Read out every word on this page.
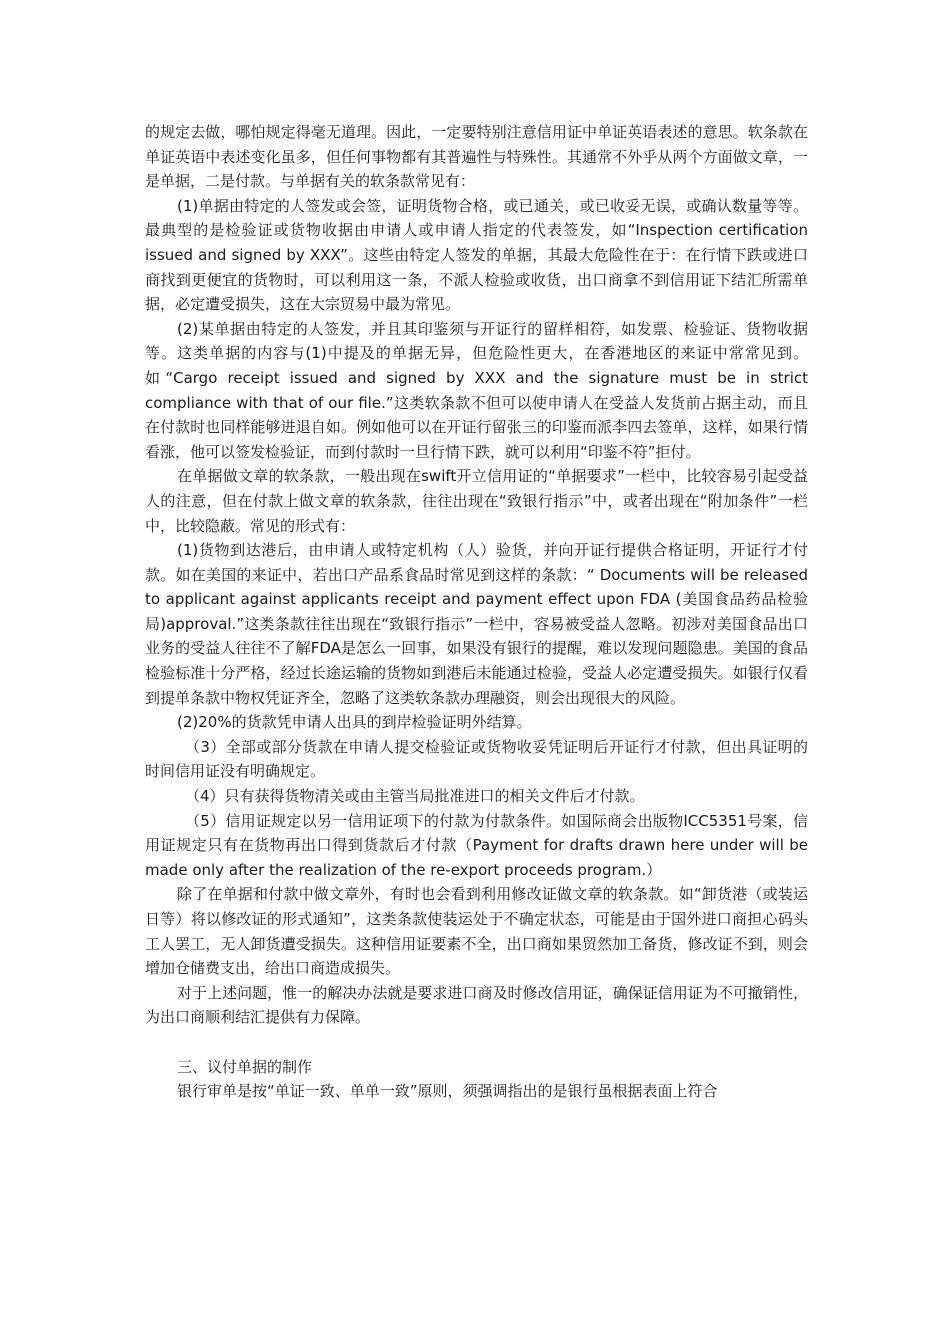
的规定去做，哪怕规定得毫无道理。因此，一定要特别注意信用证中单证英语表述的意思。软条款在单证英语中表述变化虽多，但任何事物都有其普遍性与特殊性。其通常不外乎从两个方面做文章，一是单据，二是付款。与单据有关的软条款常见有：

(1)单据由特定的人签发或会签，证明货物合格，或已通关，或已收妥无误，或确认数量等等。最典型的是检验证或货物收据由申请人或申请人指定的代表签发，如“Inspection certification issued and signed by XXX”。这些由特定人签发的单据，其最大危险性在于：在行情下跌或进口商找到更便宜的货物时，可以利用这一条，不派人检验或收货，出口商拿不到信用证下结汇所需单据，必定遭受损失，这在大宗贸易中最为常见。

(2)某单据由特定的人签发，并且其印鉴须与开证行的留样相符，如发票、检验证、货物收据等。这类单据的内容与(1)中提及的单据无异，但危险性更大，在香港地区的来证中常常见到。如“Cargo receipt issued and signed by XXX and the signature must be in strict compliance with that of our file.”这类软条款不但可以使申请人在受益人发货前占据主动，而且在付款时也同样能够进退自如。例如他可以在开证行留张三的印鉴而派李四去签单，这样，如果行情看涨，他可以签发检验证，而到付款时一旦行情下跌，就可以利用“印鉴不符”拒付。

在单据做文章的软条款，一般出现在swift开立信用证的“单据要求”一栏中，比较容易引起受益人的注意，但在付款上做文章的软条款，往往出现在“致银行指示”中，或者出现在“附加条件”一栏中，比较隐蔽。常见的形式有：

(1)货物到达港后，由申请人或特定机构（人）验货，并向开证行提供合格证明，开证行才付款。如在美国的来证中，若出口产品系食品时常见到这样的条款：“ Documents will be released to applicant against applicants receipt and payment effect upon FDA (美国食品药品检验局)approval.”这类条款往往出现在“致银行指示”一栏中，容易被受益人忽略。初涉对美国食品出口业务的受益人往往不了解FDA是怎么一回事，如果没有银行的提醒，难以发现问题隐患。美国的食品检验标准十分严格，经过长途运输的货物如到港后未能通过检验，受益人必定遭受损失。如银行仅看到提单条款中物权凭证齐全，忽略了这类软条款办理融资，则会出现很大的风险。

(2)20%的货款凭申请人出具的到岸检验证明外结算。

（3）全部或部分货款在申请人提交检验证或货物收妥凭证明后开证行才付款，但出具证明的时间信用证没有明确规定。

（4）只有获得货物清关或由主管当局批准进口的相关文件后才付款。

（5）信用证规定以另一信用证项下的付款为付款条件。如国际商会出版物ICC5351号案，信用证规定只有在货物再出口得到货款后才付款（Payment for drafts drawn here under will be made only after the realization of the re-export proceeds program.）

除了在单据和付款中做文章外，有时也会看到利用修改证做文章的软条款。如“卸货港（或装运日等）将以修改证的形式通知”，这类条款使装运处于不确定状态，可能是由于国外进口商担心码头工人罢工，无人卸货遭受损失。这种信用证要素不全，出口商如果贸然加工备货，修改证不到，则会增加仓储费支出，给出口商造成损失。

对于上述问题，惟一的解决办法就是要求进口商及时修改信用证，确保证信用证为不可撤销性，为出口商顺利结汇提供有力保障。

三、议付单据的制作

银行审单是按“单证一致、单单一致”原则，须强调指出的是银行虽根据表面上符合
